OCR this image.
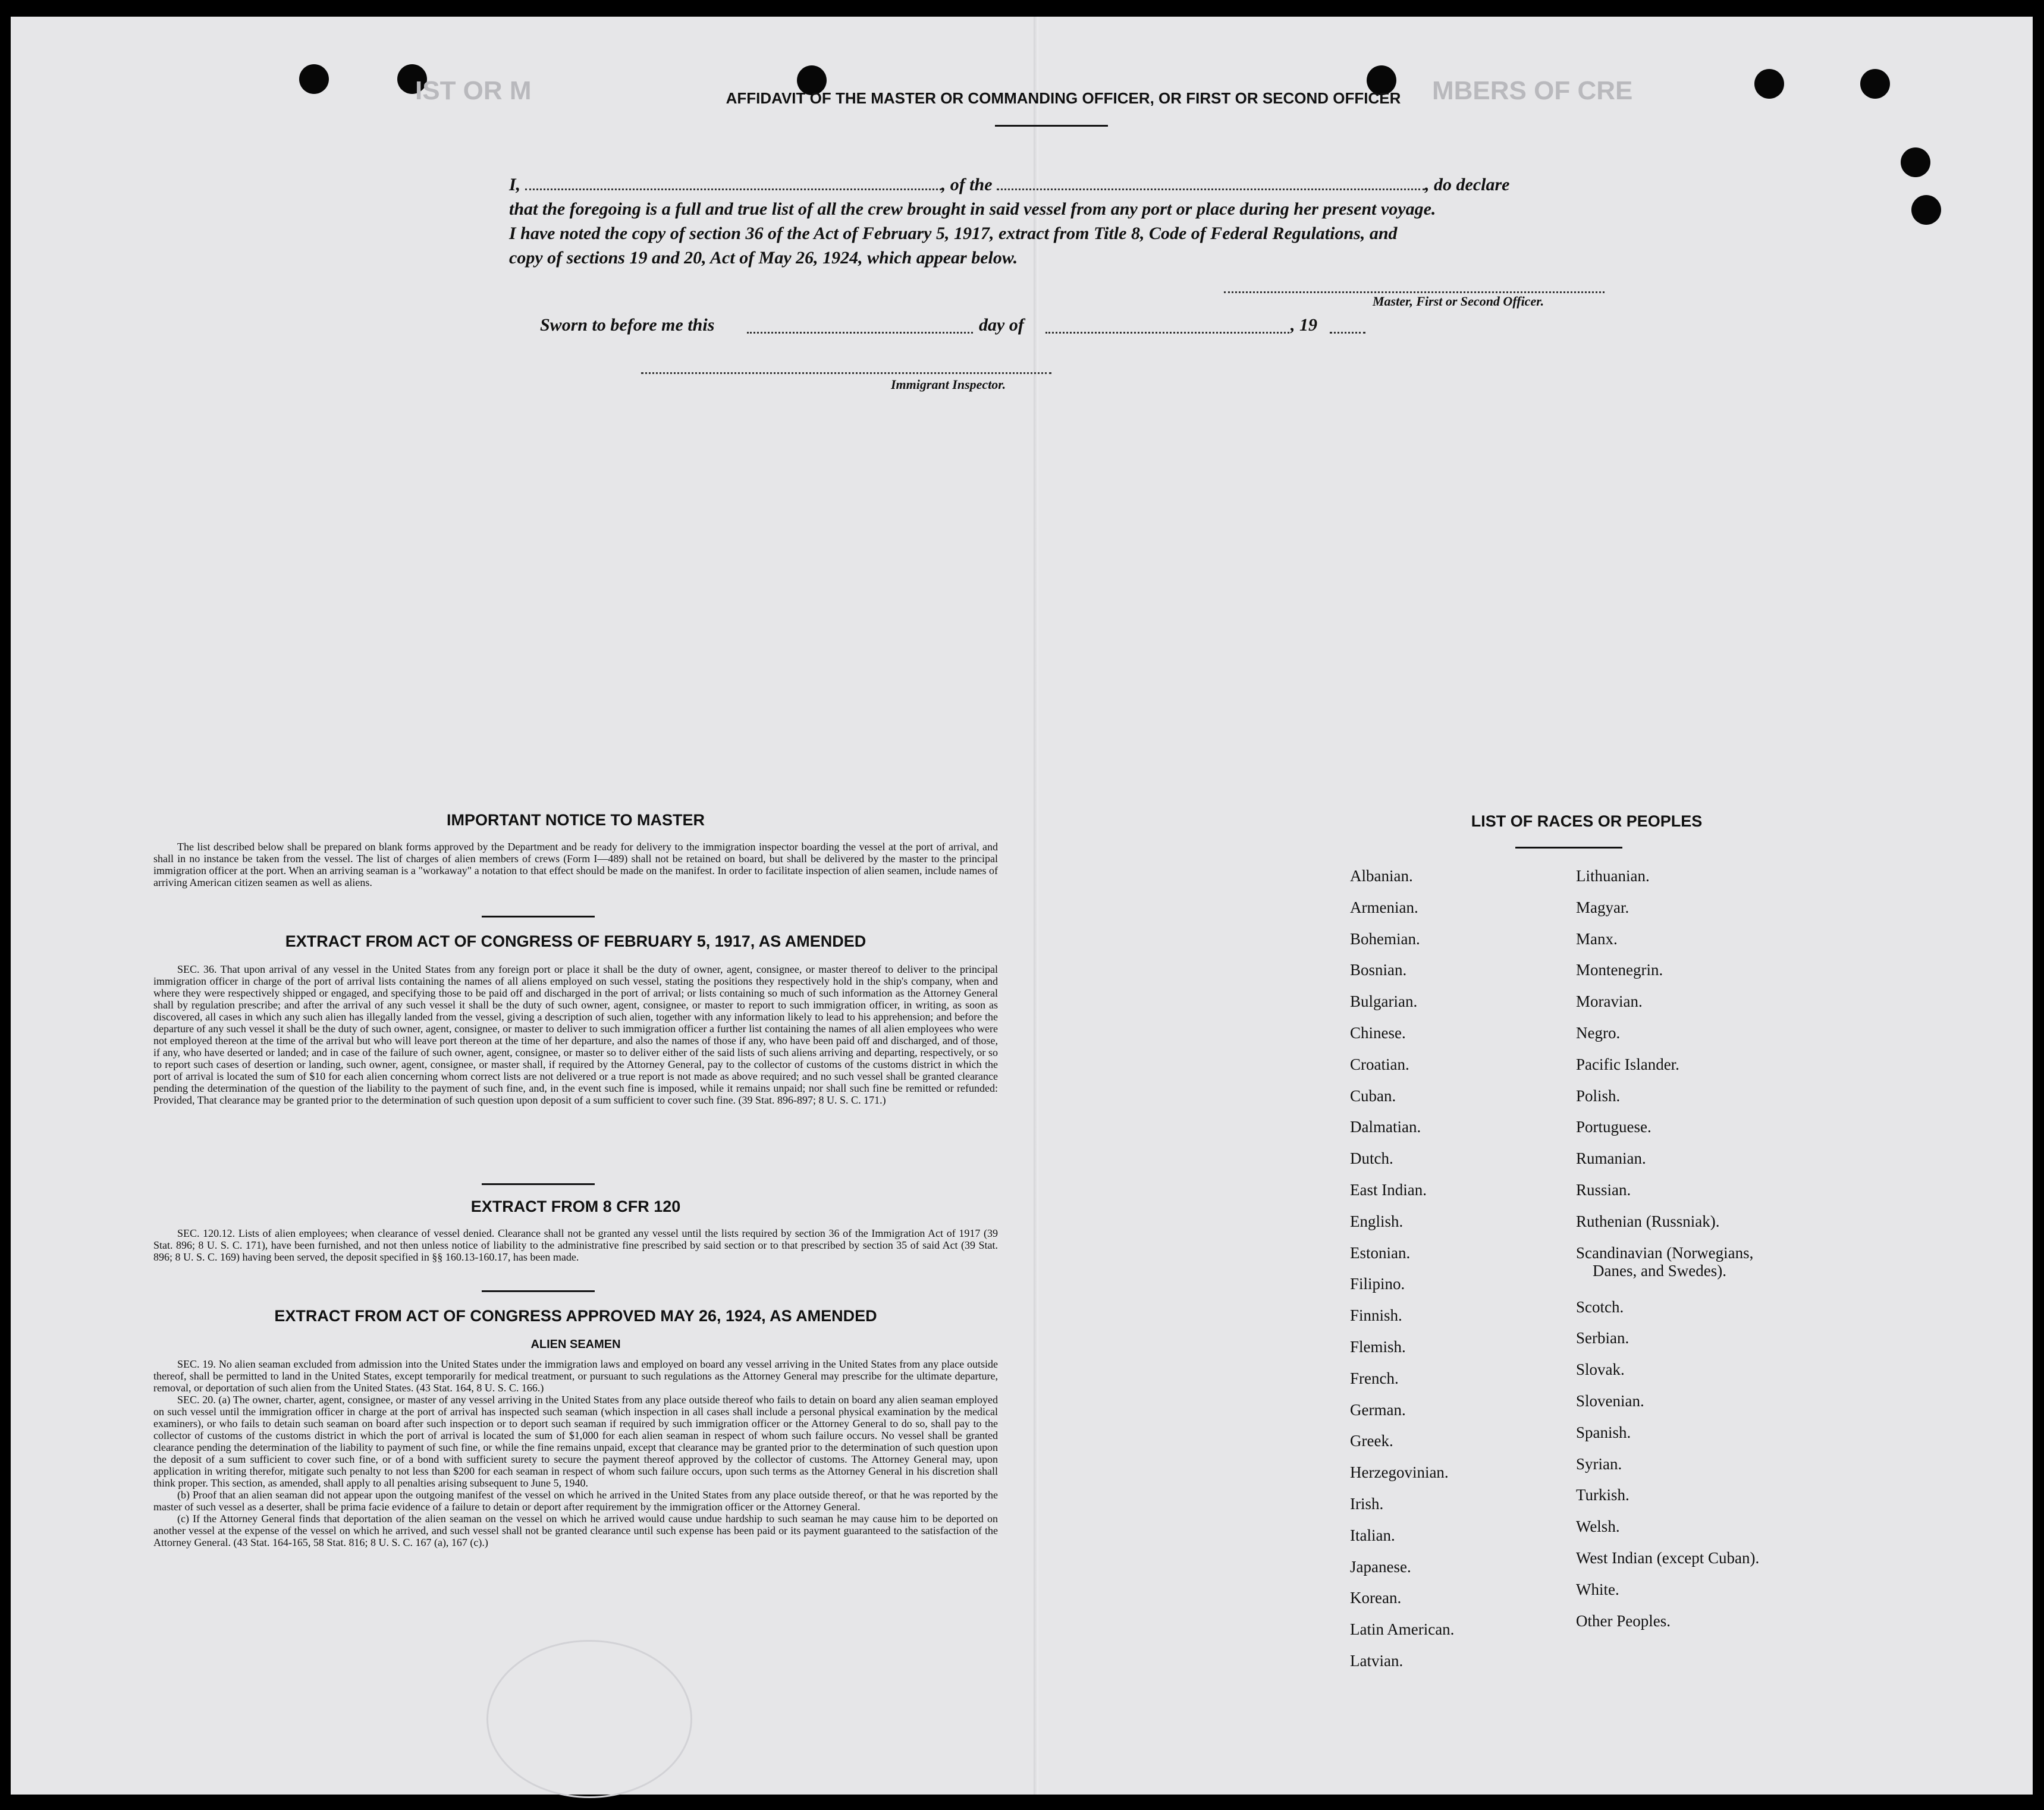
IST OR M	MBERS OF CRE
AFFIDAVIT OF THE MASTER OR COMMANDING OFFICER, OR FIRST OR SECOND OFFICER

I,	, of the	, do declare

that the foregoing is a full and true list of all the crew brought in said vessel from any port or place during her present voyage.

I have noted the copy of section 36 of the Act of February 5, 1917, extract from Title 8, Code of Federal Regulations, and

copy of sections 19 and 20, Act of May 26, 1924, which appear below.

Master, First or Second Officer.
Sworn to before me this	day of	, 19
Immigrant Inspector.
IMPORTANT NOTICE TO MASTER

The list described below shall be prepared on blank forms approved by the Department and be ready for delivery to the immigration inspector boarding the vessel at the port of arrival, and shall in no instance be taken from the vessel. The list of charges of alien members of crews (Form I—489) shall not be retained on board, but shall be delivered by the master to the principal immigration officer at the port. When an arriving seaman is a "workaway" a notation to that effect should be made on the manifest. In order to facilitate inspection of alien seamen, include names of arriving American citizen seamen as well as aliens.

EXTRACT FROM ACT OF CONGRESS OF FEBRUARY 5, 1917, AS AMENDED

SEC. 36. That upon arrival of any vessel in the United States from any foreign port or place it shall be the duty of owner, agent, consignee, or master thereof to deliver to the principal immigration officer in charge of the port of arrival lists containing the names of all aliens employed on such vessel, stating the positions they respectively hold in the ship's company, when and where they were respectively shipped or engaged, and specifying those to be paid off and discharged in the port of arrival; or lists containing so much of such information as the Attorney General shall by regulation prescribe; and after the arrival of any such vessel it shall be the duty of such owner, agent, consignee, or master to report to such immigration officer, in writing, as soon as discovered, all cases in which any such alien has illegally landed from the vessel, giving a description of such alien, together with any information likely to lead to his apprehension; and before the departure of any such vessel it shall be the duty of such owner, agent, consignee, or master to deliver to such immigration officer a further list containing the names of all alien employees who were not employed thereon at the time of the arrival but who will leave port thereon at the time of her departure, and also the names of those if any, who have been paid off and discharged, and of those, if any, who have deserted or landed; and in case of the failure of such owner, agent, consignee, or master so to deliver either of the said lists of such aliens arriving and departing, respectively, or so to report such cases of desertion or landing, such owner, agent, consignee, or master shall, if required by the Attorney General, pay to the collector of customs of the customs district in which the port of arrival is located the sum of $10 for each alien concerning whom correct lists are not delivered or a true report is not made as above required; and no such vessel shall be granted clearance pending the determination of the question of the liability to the payment of such fine, and, in the event such fine is imposed, while it remains unpaid; nor shall such fine be remitted or refunded: Provided, That clearance may be granted prior to the determination of such question upon deposit of a sum sufficient to cover such fine. (39 Stat. 896-897; 8 U. S. C. 171.)

EXTRACT FROM 8 CFR 120

SEC. 120.12. Lists of alien employees; when clearance of vessel denied. Clearance shall not be granted any vessel until the lists required by section 36 of the Immigration Act of 1917 (39 Stat. 896; 8 U. S. C. 171), have been furnished, and not then unless notice of liability to the administrative fine prescribed by said section or to that prescribed by section 35 of said Act (39 Stat. 896; 8 U. S. C. 169) having been served, the deposit specified in §§ 160.13-160.17, has been made.

EXTRACT FROM ACT OF CONGRESS APPROVED MAY 26, 1924, AS AMENDED
ALIEN SEAMEN

SEC. 19. No alien seaman excluded from admission into the United States under the immigration laws and employed on board any vessel arriving in the United States from any place outside thereof, shall be permitted to land in the United States, except temporarily for medical treatment, or pursuant to such regulations as the Attorney General may prescribe for the ultimate departure, removal, or deportation of such alien from the United States. (43 Stat. 164, 8 U. S. C. 166.)

SEC. 20. (a) The owner, charter, agent, consignee, or master of any vessel arriving in the United States from any place outside thereof who fails to detain on board any alien seaman employed on such vessel until the immigration officer in charge at the port of arrival has inspected such seaman (which inspection in all cases shall include a personal physical examination by the medical examiners), or who fails to detain such seaman on board after such inspection or to deport such seaman if required by such immigration officer or the Attorney General to do so, shall pay to the collector of customs of the customs district in which the port of arrival is located the sum of $1,000 for each alien seaman in respect of whom such failure occurs. No vessel shall be granted clearance pending the determination of the liability to payment of such fine, or while the fine remains unpaid, except that clearance may be granted prior to the determination of such question upon the deposit of a sum sufficient to cover such fine, or of a bond with sufficient surety to secure the payment thereof approved by the collector of customs. The Attorney General may, upon application in writing therefor, mitigate such penalty to not less than $200 for each seaman in respect of whom such failure occurs, upon such terms as the Attorney General in his discretion shall think proper. This section, as amended, shall apply to all penalties arising subsequent to June 5, 1940.

(b) Proof that an alien seaman did not appear upon the outgoing manifest of the vessel on which he arrived in the United States from any place outside thereof, or that he was reported by the master of such vessel as a deserter, shall be prima facie evidence of a failure to detain or deport after requirement by the immigration officer or the Attorney General.

(c) If the Attorney General finds that deportation of the alien seaman on the vessel on which he arrived would cause undue hardship to such seaman he may cause him to be deported on another vessel at the expense of the vessel on which he arrived, and such vessel shall not be granted clearance until such expense has been paid or its payment guaranteed to the satisfaction of the Attorney General. (43 Stat. 164-165, 58 Stat. 816; 8 U. S. C. 167 (a), 167 (c).)

LIST OF RACES OR PEOPLES
Albanian.
Armenian.
Bohemian.
Bosnian.
Bulgarian.
Chinese.
Croatian.
Cuban.
Dalmatian.
Dutch.
East Indian.
English.
Estonian.
Filipino.
Finnish.
Flemish.
French.
German.
Greek.
Herzegovinian.
Irish.
Italian.
Japanese.
Korean.
Latin American.
Latvian.
Lithuanian.
Magyar.
Manx.
Montenegrin.
Moravian.
Negro.
Pacific Islander.
Polish.
Portuguese.
Rumanian.
Russian.
Ruthenian (Russniak).
Scandinavian (Norwegians,
Danes, and Swedes).
Scotch.
Serbian.
Slovak.
Slovenian.
Spanish.
Syrian.
Turkish.
Welsh.
West Indian (except Cuban).
White.
Other Peoples.
